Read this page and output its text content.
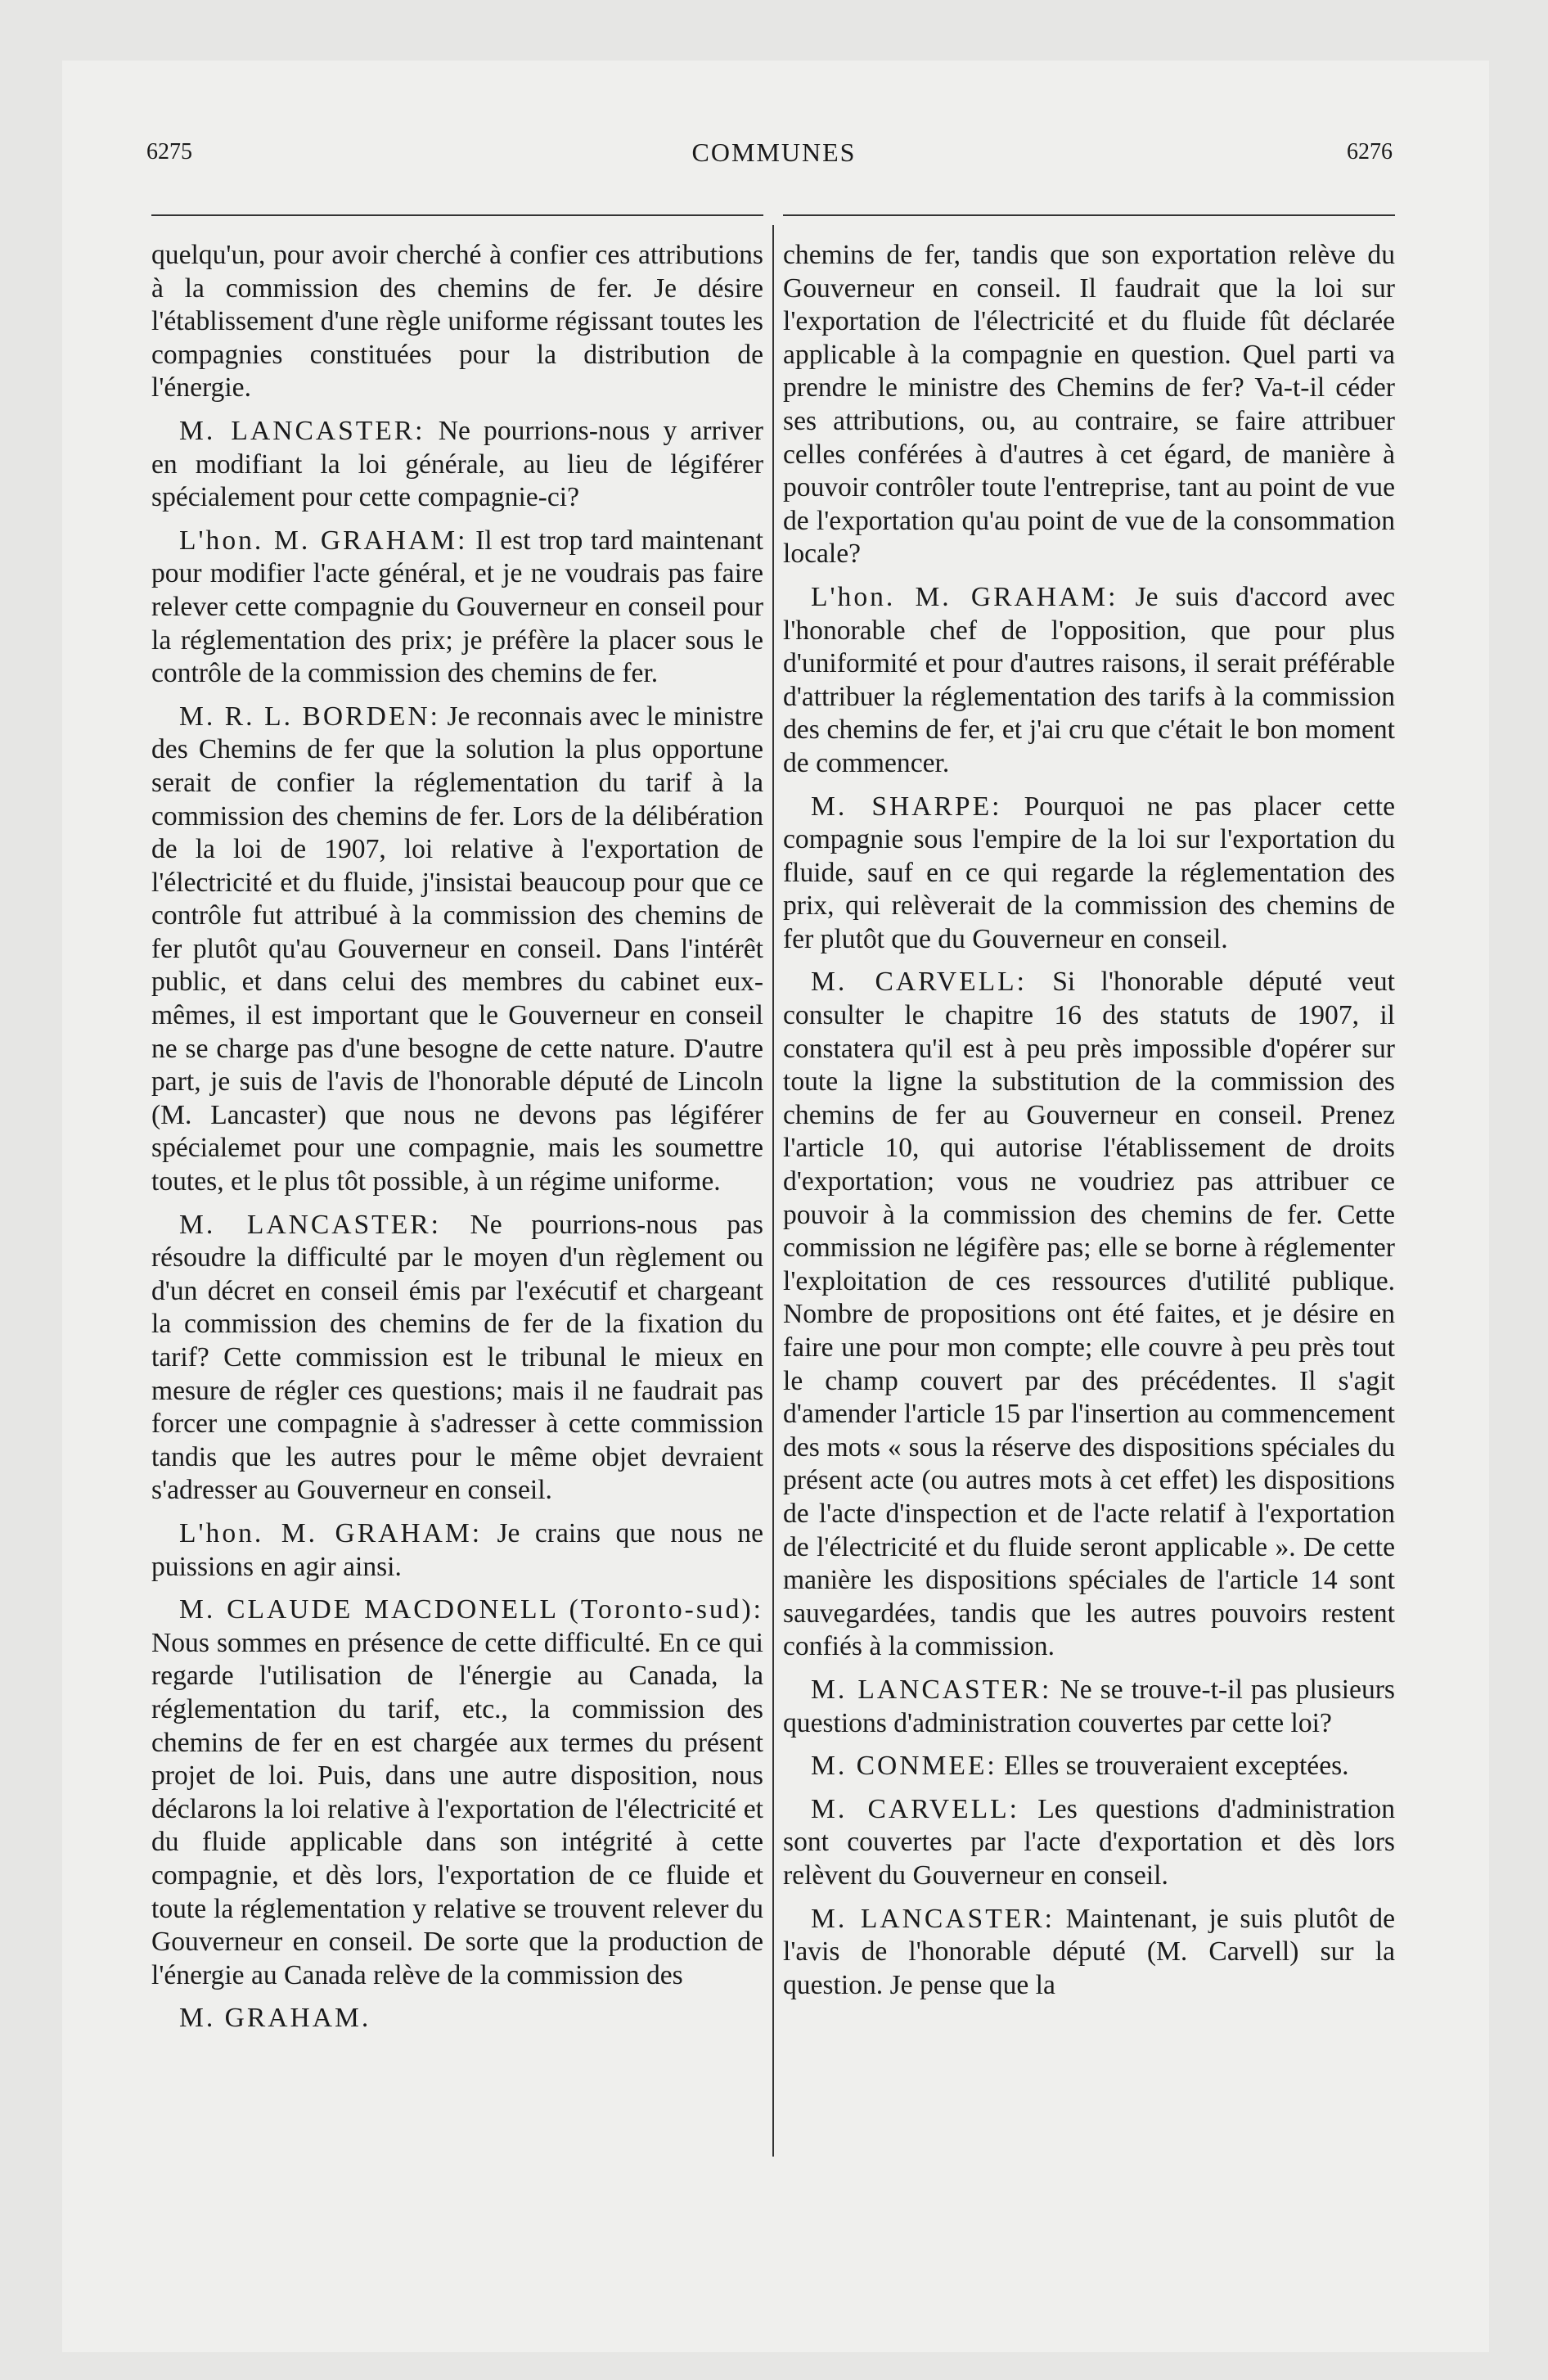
6275	COMMUNES	6276

quelqu'un, pour avoir cherché à confier ces attributions à la commission des chemins de fer. Je désire l'établissement d'une règle uniforme régissant toutes les compagnies constituées pour la distribution de l'énergie.

M. LANCASTER: Ne pourrions-nous y arriver en modifiant la loi générale, au lieu de légiférer spécialement pour cette compagnie-ci?

L'hon. M. GRAHAM: Il est trop tard maintenant pour modifier l'acte général, et je ne voudrais pas faire relever cette compagnie du Gouverneur en conseil pour la réglementation des prix; je préfère la placer sous le contrôle de la commission des chemins de fer.

M. R. L. BORDEN: Je reconnais avec le ministre des Chemins de fer que la solution la plus opportune serait de confier la réglementation du tarif à la commission des chemins de fer. Lors de la délibération de la loi de 1907, loi relative à l'exportation de l'électricité et du fluide, j'insistai beaucoup pour que ce contrôle fut attribué à la commission des chemins de fer plutôt qu'au Gouverneur en conseil. Dans l'intérêt public, et dans celui des membres du cabinet eux-mêmes, il est important que le Gouverneur en conseil ne se charge pas d'une besogne de cette nature. D'autre part, je suis de l'avis de l'honorable député de Lincoln (M. Lancaster) que nous ne devons pas légiférer spécialemet pour une compagnie, mais les soumettre toutes, et le plus tôt possible, à un régime uniforme.

M. LANCASTER: Ne pourrions-nous pas résoudre la difficulté par le moyen d'un règlement ou d'un décret en conseil émis par l'exécutif et chargeant la commission des chemins de fer de la fixation du tarif? Cette commission est le tribunal le mieux en mesure de régler ces questions; mais il ne faudrait pas forcer une compagnie à s'adresser à cette commission tandis que les autres pour le même objet devraient s'adresser au Gouverneur en conseil.

L'hon. M. GRAHAM: Je crains que nous ne puissions en agir ainsi.

M. CLAUDE MACDONELL (Toronto-sud): Nous sommes en présence de cette difficulté. En ce qui regarde l'utilisation de l'énergie au Canada, la réglementation du tarif, etc., la commission des chemins de fer en est chargée aux termes du présent projet de loi. Puis, dans une autre disposition, nous déclarons la loi relative à l'exportation de l'électricité et du fluide applicable dans son intégrité à cette compagnie, et dès lors, l'exportation de ce fluide et toute la réglementation y relative se trouvent relever du Gouverneur en conseil. De sorte que la production de l'énergie au Canada relève de la commission des

M. GRAHAM.

chemins de fer, tandis que son exportation relève du Gouverneur en conseil. Il faudrait que la loi sur l'exportation de l'électricité et du fluide fût déclarée applicable à la compagnie en question. Quel parti va prendre le ministre des Chemins de fer? Va-t-il céder ses attributions, ou, au contraire, se faire attribuer celles conférées à d'autres à cet égard, de manière à pouvoir contrôler toute l'entreprise, tant au point de vue de l'exportation qu'au point de vue de la consommation locale?

L'hon. M. GRAHAM: Je suis d'accord avec l'honorable chef de l'opposition, que pour plus d'uniformité et pour d'autres raisons, il serait préférable d'attribuer la réglementation des tarifs à la commission des chemins de fer, et j'ai cru que c'était le bon moment de commencer.

M. SHARPE: Pourquoi ne pas placer cette compagnie sous l'empire de la loi sur l'exportation du fluide, sauf en ce qui regarde la réglementation des prix, qui relèverait de la commission des chemins de fer plutôt que du Gouverneur en conseil.

M. CARVELL: Si l'honorable député veut consulter le chapitre 16 des statuts de 1907, il constatera qu'il est à peu près impossible d'opérer sur toute la ligne la substitution de la commission des chemins de fer au Gouverneur en conseil. Prenez l'article 10, qui autorise l'établissement de droits d'exportation; vous ne voudriez pas attribuer ce pouvoir à la commission des chemins de fer. Cette commission ne légifère pas; elle se borne à réglementer l'exploitation de ces ressources d'utilité publique. Nombre de propositions ont été faites, et je désire en faire une pour mon compte; elle couvre à peu près tout le champ couvert par des précédentes. Il s'agit d'amender l'article 15 par l'insertion au commencement des mots « sous la réserve des dispositions spéciales du présent acte (ou autres mots à cet effet) les dispositions de l'acte d'inspection et de l'acte relatif à l'exportation de l'électricité et du fluide seront applicable ». De cette manière les dispositions spéciales de l'article 14 sont sauvegardées, tandis que les autres pouvoirs restent confiés à la commission.

M. LANCASTER: Ne se trouve-t-il pas plusieurs questions d'administration couvertes par cette loi?

M. CONMEE: Elles se trouveraient exceptées.

M. CARVELL: Les questions d'administration sont couvertes par l'acte d'exportation et dès lors relèvent du Gouverneur en conseil.

M. LANCASTER: Maintenant, je suis plutôt de l'avis de l'honorable député (M. Carvell) sur la question. Je pense que la
